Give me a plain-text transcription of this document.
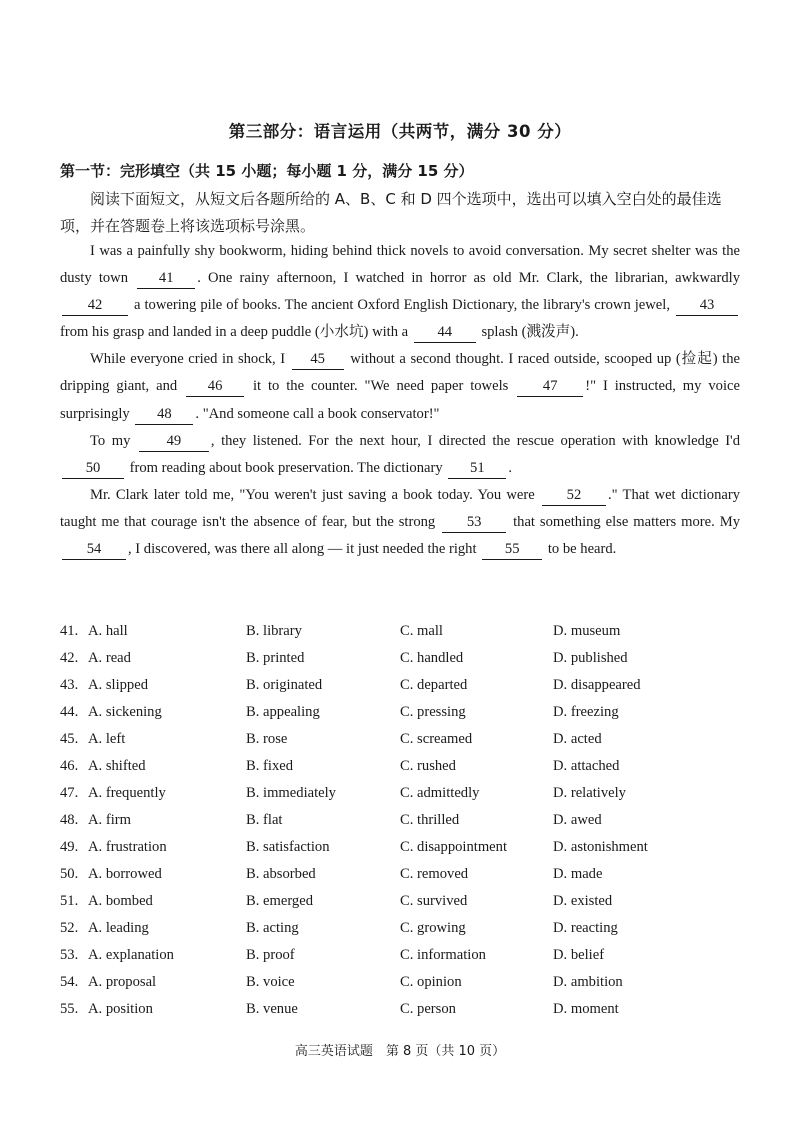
第三部分：语言运用（共两节，满分 30 分）
第一节：完形填空（共 15 小题；每小题 1 分，满分 15 分）

阅读下面短文，从短文后各题所给的 A、B、C 和 D 四个选项中，选出可以填入空白处的最佳选项，并在答题卷上将该选项标号涂黑。

I was a painfully shy bookworm, hiding behind thick novels to avoid conversation. My secret shelter was the dusty town 41 . One rainy afternoon, I watched in horror as old Mr. Clark, the librarian, awkwardly 42 a towering pile of books. The ancient Oxford English Dictionary, the library's crown jewel, 43 from his grasp and landed in a deep puddle (小水坑) with a 44 splash (溅泼声).

While everyone cried in shock, I 45 without a second thought. I raced outside, scooped up (捡起) the dripping giant, and 46 it to the counter. "We need paper towels 47 !" I instructed, my voice surprisingly 48 . "And someone call a book conservator!"

To my 49 , they listened. For the next hour, I directed the rescue operation with knowledge I'd 50 from reading about book preservation. The dictionary 51 .

Mr. Clark later told me, "You weren't just saving a book today. You were 52 ." That wet dictionary taught me that courage isn't the absence of fear, but the strong 53 that something else matters more. My 54 , I discovered, was there all along — it just needed the right 55 to be heard.

41. A. hall	B. library	C. mall	D. museum
42. A. read	B. printed	C. handled	D. published
43. A. slipped	B. originated	C. departed	D. disappeared
44. A. sickening	B. appealing	C. pressing	D. freezing
45. A. left	B. rose	C. screamed	D. acted
46. A. shifted	B. fixed	C. rushed	D. attached
47. A. frequently	B. immediately	C. admittedly	D. relatively
48. A. firm	B. flat	C. thrilled	D. awed
49. A. frustration	B. satisfaction	C. disappointment	D. astonishment
50. A. borrowed	B. absorbed	C. removed	D. made
51. A. bombed	B. emerged	C. survived	D. existed
52. A. leading	B. acting	C. growing	D. reacting
53. A. explanation	B. proof	C. information	D. belief
54. A. proposal	B. voice	C. opinion	D. ambition
55. A. position	B. venue	C. person	D. moment
高三英语试题　第 8 页（共 10 页）
